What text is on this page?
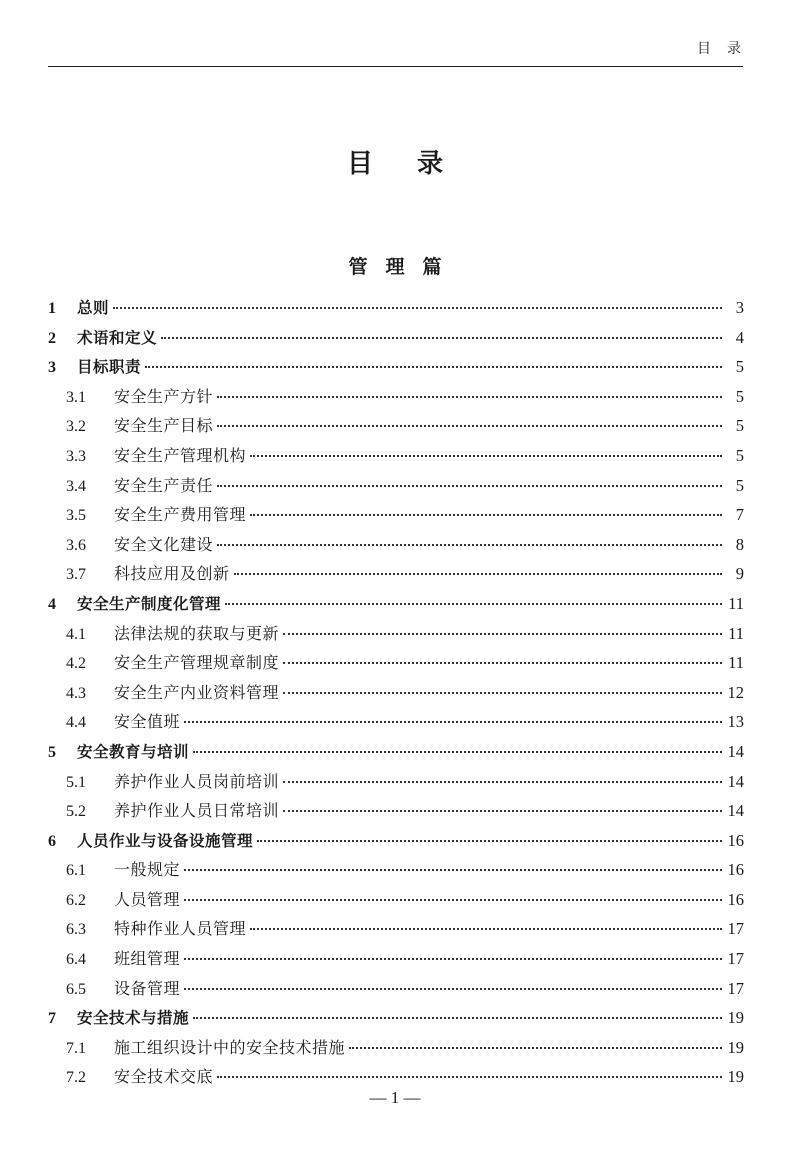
目录
目录
管理篇
1	总则	3
2	术语和定义	4
3	目标职责	5
3.1	安全生产方针	5
3.2	安全生产目标	5
3.3	安全生产管理机构	5
3.4	安全生产责任	5
3.5	安全生产费用管理	7
3.6	安全文化建设	8
3.7	科技应用及创新	9
4	安全生产制度化管理	11
4.1	法律法规的获取与更新	11
4.2	安全生产管理规章制度	11
4.3	安全生产内业资料管理	12
4.4	安全值班	13
5	安全教育与培训	14
5.1	养护作业人员岗前培训	14
5.2	养护作业人员日常培训	14
6	人员作业与设备设施管理	16
6.1	一般规定	16
6.2	人员管理	16
6.3	特种作业人员管理	17
6.4	班组管理	17
6.5	设备管理	17
7	安全技术与措施	19
7.1	施工组织设计中的安全技术措施	19
7.2	安全技术交底	19
— 1 —
